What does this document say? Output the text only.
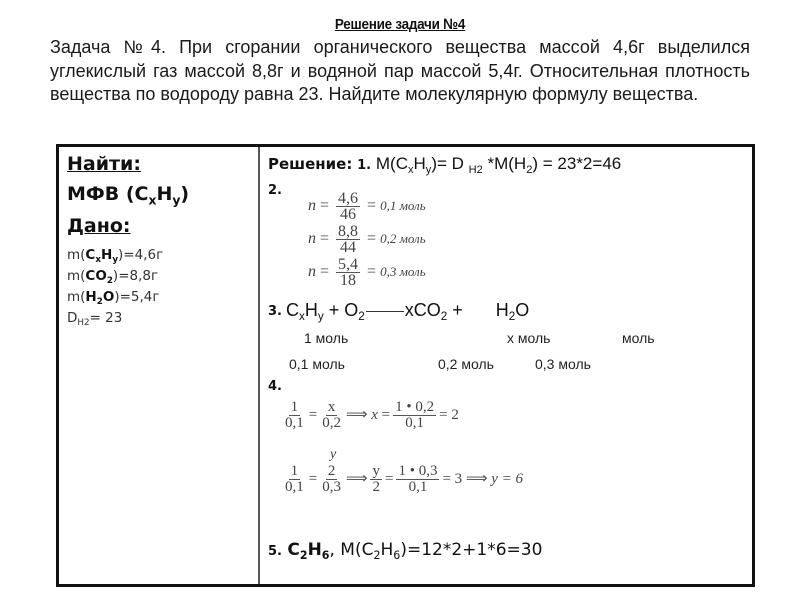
Решение задачи №4

Задача №4. При сгорании органического вещества массой 4,6г выделился углекислый газ массой 8,8г и водяной пар массой 5,4г. Относительная плотность вещества по водороду равна 23. Найдите молекулярную формулу вещества.

Найти:
МФВ $(C_xH_y)$
Дано:
$m(C_xH_y)=4,6г$
$m(CO_2)=8,8г$
$m(H_2O)=5,4г$
$D_{H2}= 23$
Решение: 1. $M(C_xH_y)= D$ $_{H2}$ $*M(H_2) = 23*2=46$
2.
$n = \frac{4,6}{46} = 0,1$ моль
$n = \frac{8,8}{44} = 0,2$ моль
$n = \frac{5,4}{18} = 0,3$ моль
3. $C_xH_y + O_2$ $xCO_2 + H_2O$
1 моль	x моль	моль
0,1 моль	0,2 моль	0,3 моль
4.
$\frac{1}{0,1} = \frac{x}{0,2}$ ⟹ $x = \frac{1 • 0,2}{0,1} = 2$
y
$\frac{1}{0,1} = \frac{2}{0,3}$ ⟹ $\frac{y}{2} = \frac{1 • 0,3}{0,1} = 3$ ⟹ y = 6
5. $C_2H_6$, $M(C_2H_6)=12*2+1*6=30$
